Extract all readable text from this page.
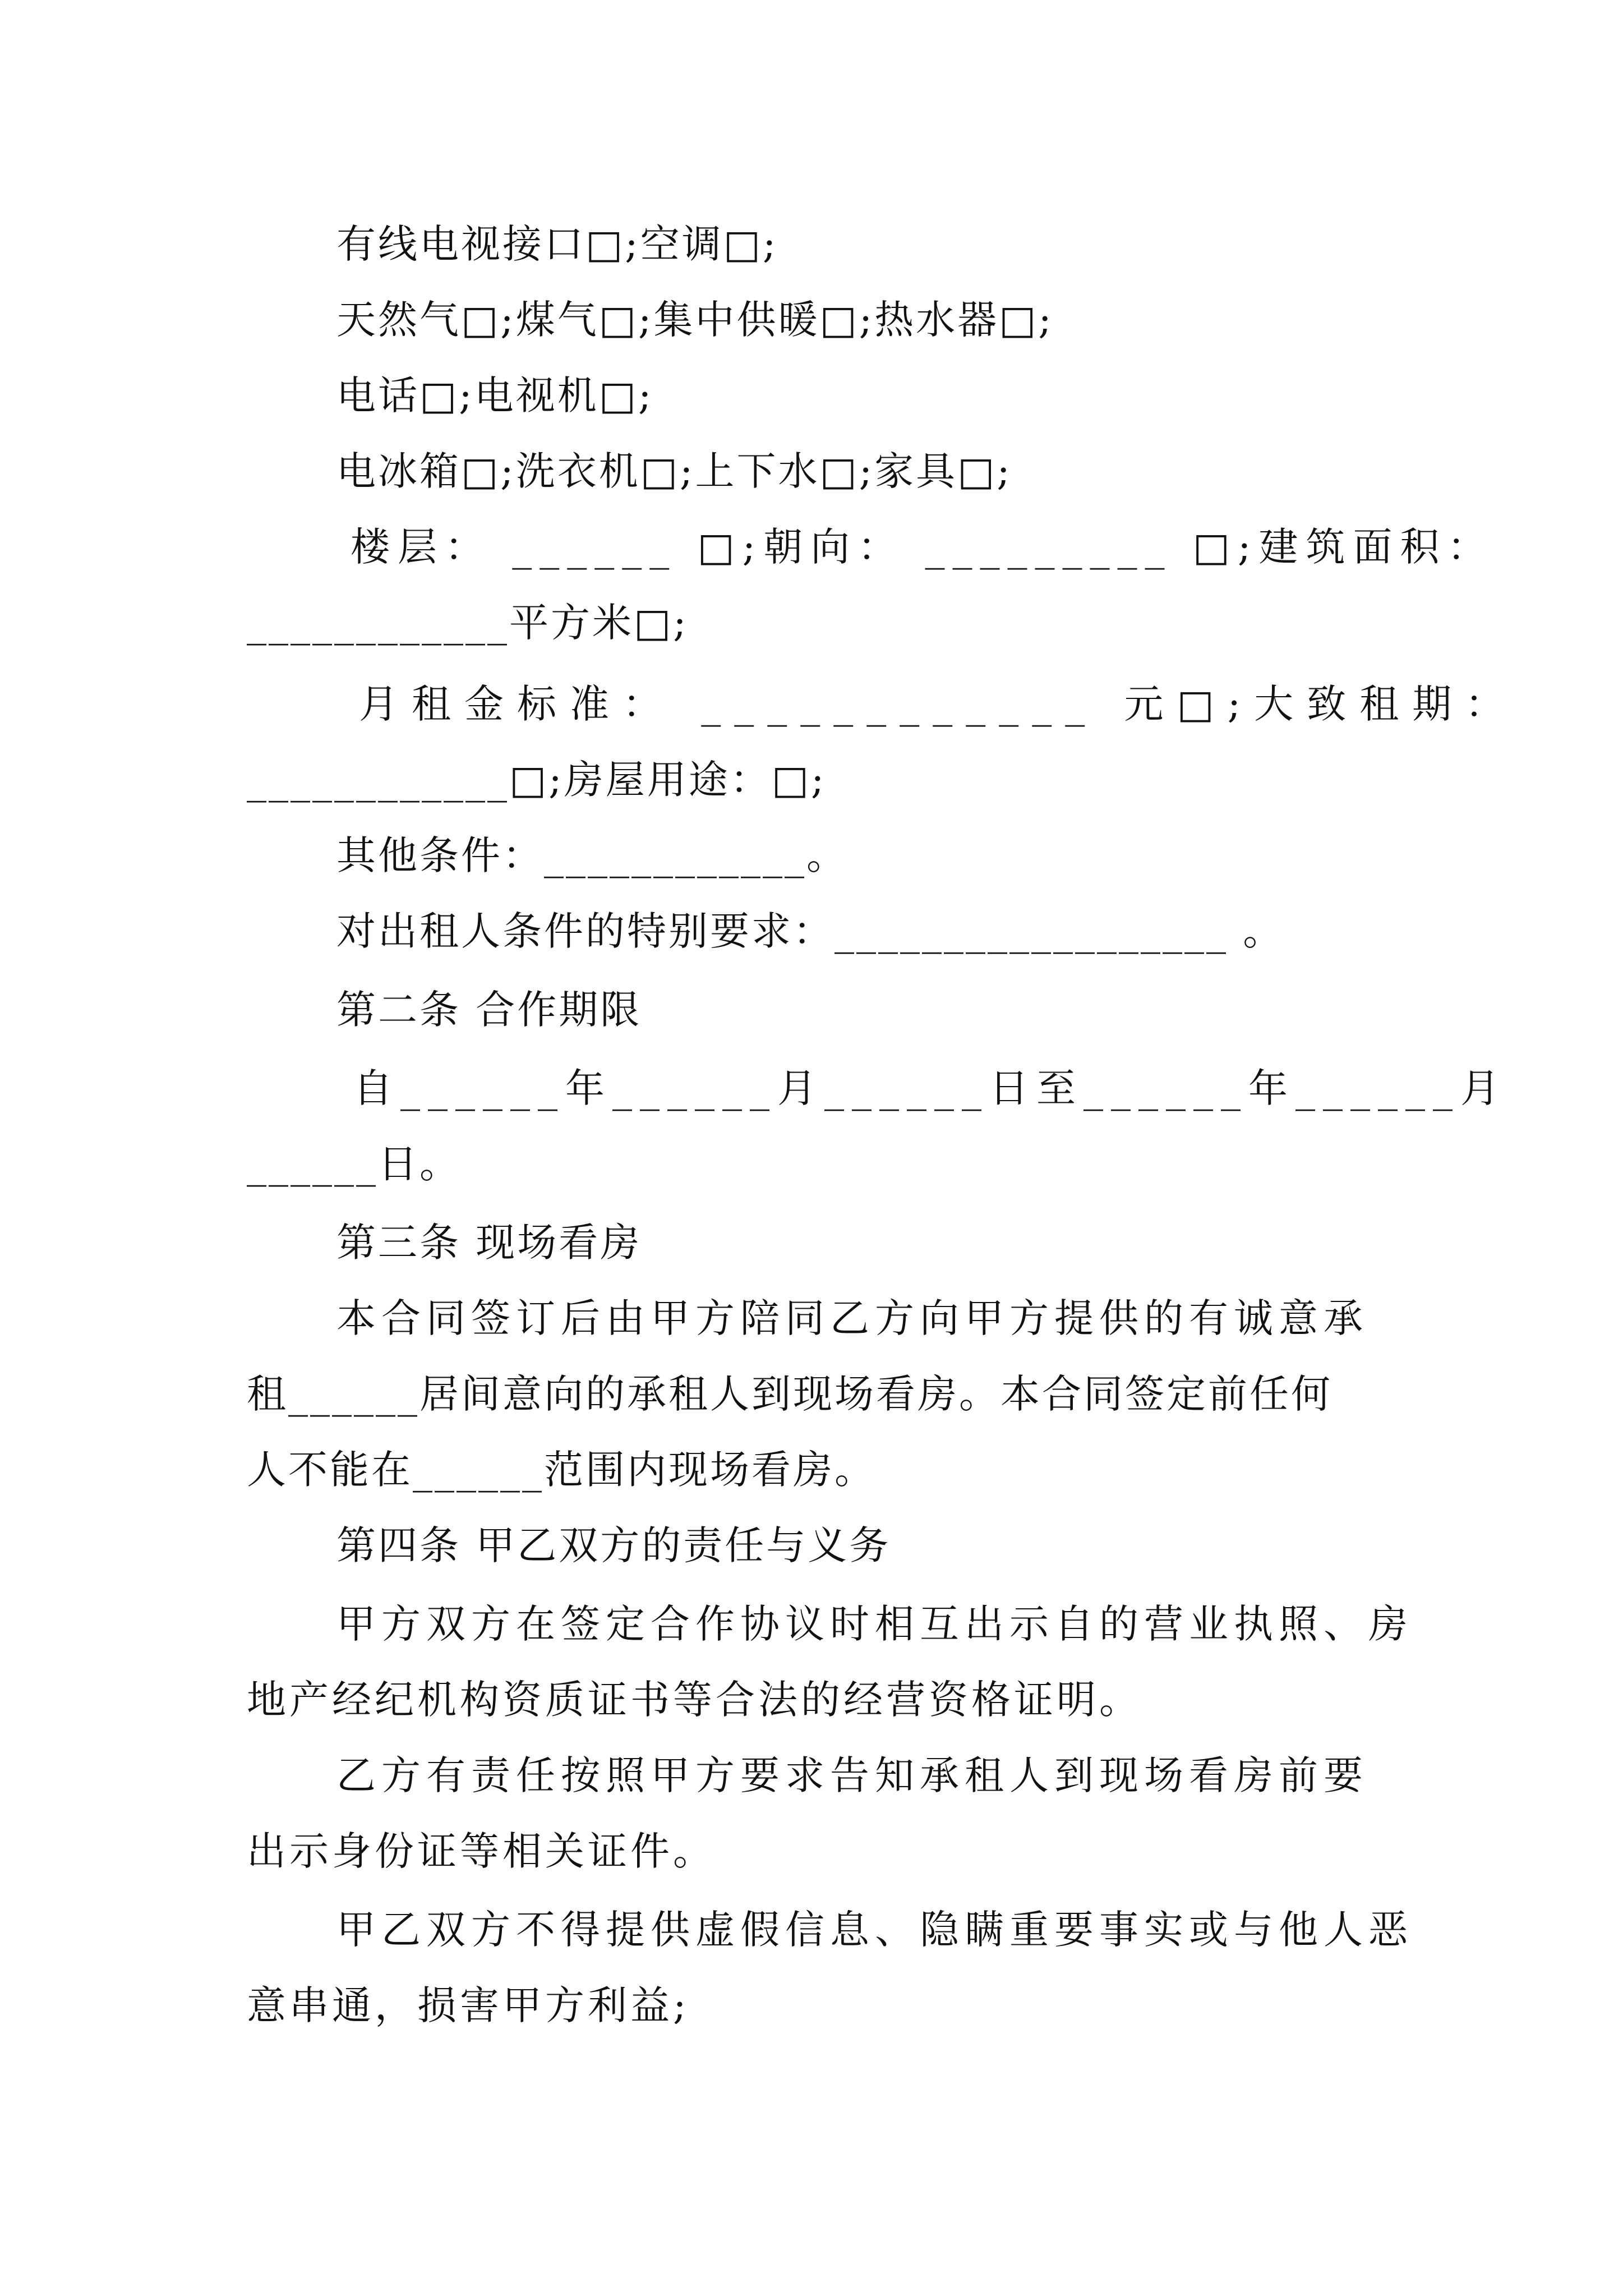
有线电视接口□;空调□;
天然气□;煤气□;集中供暖□;热水器□;
电话□;电视机□;
电冰箱□;洗衣机□;上下水□;家具□;
楼层： ______ □;朝向： _________ □;建筑面积：
____________平方米□;
月租金标准： ____________ 元□;大致租期：
____________□;房屋用途：□;
其他条件：____________。
对出租人条件的特别要求：__________________ 。
第二条 合作期限
自______年______月______日至______年______月
______日。
第三条 现场看房
本合同签订后由甲方陪同乙方向甲方提供的有诚意承
租______居间意向的承租人到现场看房。本合同签定前任何
人不能在______范围内现场看房。
第四条 甲乙双方的责任与义务
甲方双方在签定合作协议时相互出示自的营业执照、房
地产经纪机构资质证书等合法的经营资格证明。
乙方有责任按照甲方要求告知承租人到现场看房前要
出示身份证等相关证件。
甲乙双方不得提供虚假信息、隐瞒重要事实或与他人恶
意串通，损害甲方利益;
